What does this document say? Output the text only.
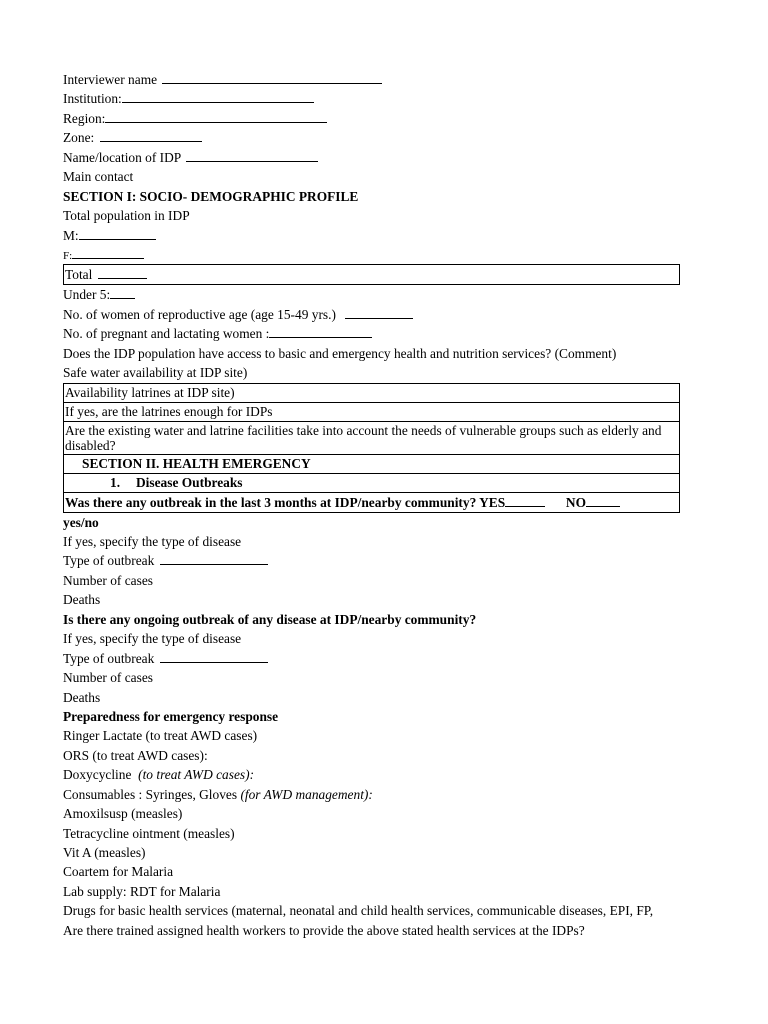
Interviewer name
Institution:
Region:
Zone:
Name/location of IDP
Main contact
SECTION I: SOCIO- DEMOGRAPHIC PROFILE
Total population in IDP
M:
F:
Total
Under 5:
No. of women of reproductive age (age 15-49 yrs.)
No. of pregnant and lactating women :
Does the IDP population have access to basic and emergency health and nutrition services? (Comment)
Safe water availability at IDP site)
Availability latrines at IDP site)
If yes, are the latrines enough for IDPs
Are the existing water and latrine facilities take into account the needs of vulnerable groups such as elderly and disabled?
SECTION II. HEALTH EMERGENCY
1. Disease Outbreaks
Was there any outbreak in the last 3 months at IDP/nearby community? YES	NO
yes/no
If yes, specify the type of disease
Type of outbreak
Number of cases
Deaths
Is there any ongoing outbreak of any disease at IDP/nearby community?
If yes, specify the type of disease
Type of outbreak
Number of cases
Deaths
Preparedness for emergency response
Ringer Lactate (to treat AWD cases)
ORS (to treat AWD cases):
Doxycycline (to treat AWD cases):
Consumables : Syringes, Gloves (for AWD management):
Amoxilsusp (measles)
Tetracycline ointment (measles)
Vit A (measles)
Coartem for Malaria
Lab supply: RDT for Malaria
Drugs for basic health services (maternal, neonatal and child health services, communicable diseases, EPI, FP,
Are there trained assigned health workers to provide the above stated health services at the IDPs?
